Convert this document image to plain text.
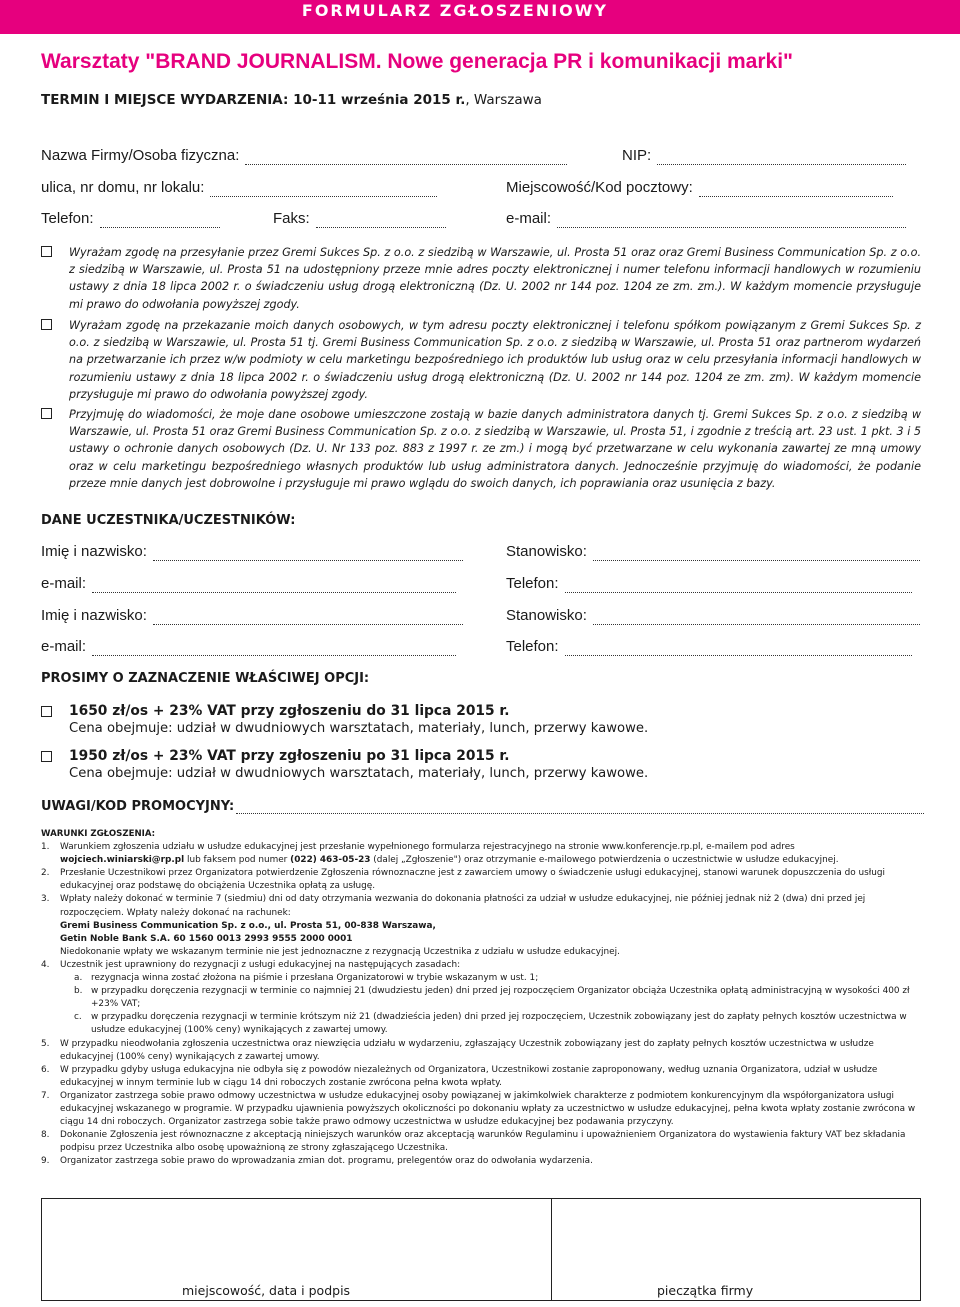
FORMULARZ ZGŁOSZENIOWY
Warsztaty "BRAND JOURNALISM. Nowe generacja PR i komunikacji marki"
TERMIN I MIEJSCE WYDARZENIA: 10-11 września 2015 r., Warszawa
Nazwa Firmy/Osoba fizyczna:	NIP:
ulica, nr domu, nr lokalu:	Miejscowość/Kod pocztowy:
Telefon:	Faks:	e-mail:

Wyrażam zgodę na przesyłanie przez Gremi Sukces Sp. z o.o. z siedzibą w Warszawie, ul. Prosta 51 oraz oraz Gremi Business Communication Sp. z o.o. z siedzibą w Warszawie, ul. Prosta 51 na udostępniony przeze mnie adres poczty elektronicznej i numer telefonu informacji handlowych w rozumieniu ustawy z dnia 18 lipca 2002 r. o świadczeniu usług drogą elektroniczną (Dz. U. 2002 nr 144 poz. 1204 ze zm. zm.). W każdym momencie przysługuje mi prawo do odwołania powyższej zgody.

Wyrażam zgodę na przekazanie moich danych osobowych, w tym adresu poczty elektronicznej i telefonu spółkom powiązanym z Gremi Sukces Sp. z o.o. z siedzibą w Warszawie, ul. Prosta 51 tj. Gremi Business Communication Sp. z o.o. z siedzibą w Warszawie, ul. Prosta 51 oraz partnerom wydarzeń na przetwarzanie ich przez w/w podmioty w celu marketingu bezpośredniego ich produktów lub usług oraz w celu przesyłania informacji handlowych w rozumieniu ustawy z dnia 18 lipca 2002 r. o świadczeniu usług drogą elektroniczną (Dz. U. 2002 nr 144 poz. 1204 ze zm. zm). W każdym momencie przysługuje mi prawo do odwołania powyższej zgody.

Przyjmuję do wiadomości, że moje dane osobowe umieszczone zostają w bazie danych administratora danych tj. Gremi Sukces Sp. z o.o. z siedzibą w Warszawie, ul. Prosta 51 oraz Gremi Business Communication Sp. z o.o. z siedzibą w Warszawie, ul. Prosta 51, i zgodnie z treścią art. 23 ust. 1 pkt. 3 i 5 ustawy o ochronie danych osobowych (Dz. U. Nr 133 poz. 883 z 1997 r. ze zm.) i mogą być przetwarzane w celu wykonania zawartej ze mną umowy oraz w celu marketingu bezpośredniego własnych produktów lub usług administratora danych. Jednocześnie przyjmuję do wiadomości, że podanie przeze mnie danych jest dobrowolne i przysługuje mi prawo wglądu do swoich danych, ich poprawiania oraz usunięcia z bazy.

DANE UCZESTNIKA/UCZESTNIKÓW:
Imię i nazwisko:	Stanowisko:
e-mail:	Telefon:
Imię i nazwisko:	Stanowisko:
e-mail:	Telefon:
PROSIMY O ZAZNACZENIE WŁAŚCIWEJ OPCJI:
1650 zł/os + 23% VAT przy zgłoszeniu do 31 lipca 2015 r.
Cena obejmuje: udział w dwudniowych warsztatach, materiały, lunch, przerwy kawowe.
1950 zł/os + 23% VAT przy zgłoszeniu po 31 lipca 2015 r.
Cena obejmuje: udział w dwudniowych warsztatach, materiały, lunch, przerwy kawowe.
UWAGI/KOD PROMOCYJNY:
WARUNKI ZGŁOSZENIA:
1. Warunkiem zgłoszenia udziału w usłudze edukacyjnej jest przesłanie wypełnionego formularza rejestracyjnego na stronie www.konferencje.rp.pl, e-mailem pod adres
wojciech.winiarski@rp.pl lub faksem pod numer (022) 463-05-23 (dalej „Zgłoszenie") oraz otrzymanie e-mailowego potwierdzenia o uczestnictwie w usłudze edukacyjnej.
2. Przesłanie Uczestnikowi przez Organizatora potwierdzenie Zgłoszenia równoznaczne jest z zawarciem umowy o świadczenie usługi edukacyjnej, stanowi warunek dopuszczenia do usługi edukacyjnej oraz podstawę do obciążenia Uczestnika opłatą za usługę.
3. Wpłaty należy dokonać w terminie 7 (siedmiu) dni od daty otrzymania wezwania do dokonania płatności za udział w usłudze edukacyjnej, nie później jednak niż 2 (dwa) dni przed jej rozpoczęciem. Wpłaty należy dokonać na rachunek:
Gremi Business Communication Sp. z o.o., ul. Prosta 51, 00-838 Warszawa,
Getin Noble Bank S.A. 60 1560 0013 2993 9555 2000 0001
Niedokonanie wpłaty we wskazanym terminie nie jest jednoznaczne z rezygnacją Uczestnika z udziału w usłudze edukacyjnej.
4. Uczestnik jest uprawniony do rezygnacji z usługi edukacyjnej na następujących zasadach:
a. rezygnacja winna zostać złożona na piśmie i przesłana Organizatorowi w trybie wskazanym w ust. 1;
b. w przypadku doręczenia rezygnacji w terminie co najmniej 21 (dwudziestu jeden) dni przed jej rozpoczęciem Organizator obciąża Uczestnika opłatą administracyjną w wysokości 400 zł +23% VAT;
c.	w przypadku doręczenia rezygnacji w terminie krótszym niż 21 (dwadzieścia jeden) dni przed jej rozpoczęciem, Uczestnik zobowiązany jest do zapłaty pełnych kosztów uczestnictwa w usłudze edukacyjnej (100% ceny) wynikających z zawartej umowy.
5. W przypadku nieodwołania zgłoszenia uczestnictwa oraz niewzięcia udziału w wydarzeniu, zgłaszający Uczestnik zobowiązany jest do zapłaty pełnych kosztów uczestnictwa w usłudze edukacyjnej (100% ceny) wynikających z zawartej umowy.
6. W przypadku gdyby usługa edukacyjna nie odbyła się z powodów niezależnych od Organizatora, Uczestnikowi zostanie zaproponowany, według uznania Organizatora, udział w usłudze edukacyjnej w innym terminie lub w ciągu 14 dni roboczych zostanie zwrócona pełna kwota wpłaty.
7. Organizator zastrzega sobie prawo odmowy uczestnictwa w usłudze edukacyjnej osoby powiązanej w jakimkolwiek charakterze z podmiotem konkurencyjnym dla współorganizatora usługi edukacyjnej wskazanego w programie. W przypadku ujawnienia powyższych okoliczności po dokonaniu wpłaty za uczestnictwo w usłudze edukacyjnej, pełna kwota wpłaty zostanie zwrócona w ciągu 14 dni roboczych. Organizator zastrzega sobie także prawo odmowy uczestnictwa w usłudze edukacyjnej bez podawania przyczyny.
8. Dokonanie Zgłoszenia jest równoznaczne z akceptacją niniejszych warunków oraz akceptacją warunków Regulaminu i upoważnieniem Organizatora do wystawienia faktury VAT bez składania podpisu przez Uczestnika albo osobę upoważnioną ze strony zgłaszającego Uczestnika.
9. Organizator zastrzega sobie prawo do wprowadzania zmian dot. programu, prelegentów oraz do odwołania wydarzenia.
miejscowość, data i podpis	pieczątka firmy
